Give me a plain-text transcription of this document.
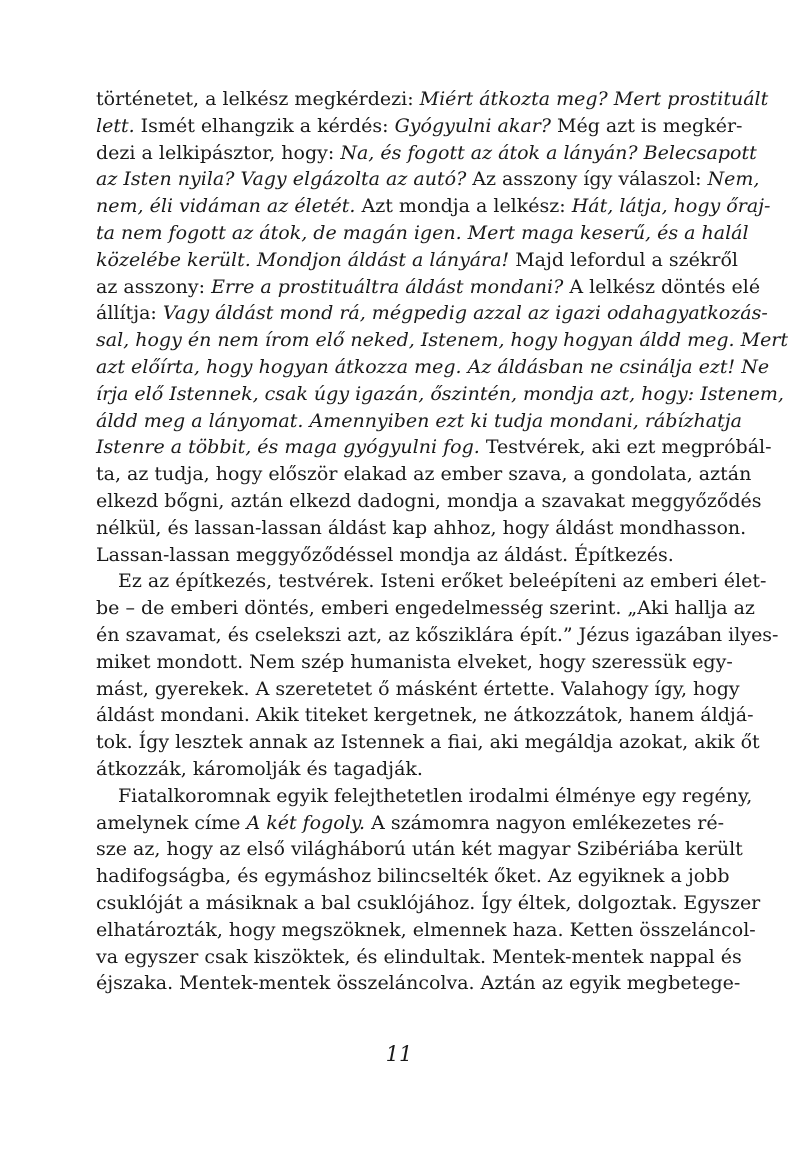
történetet, a lelkész megkérdezi: Miért átkozta meg? Mert prostituált
lett. Ismét elhangzik a kérdés: Gyógyulni akar? Még azt is megkér-
dezi a lelkipásztor, hogy: Na, és fogott az átok a lányán? Belecsapott
az Isten nyila? Vagy elgázolta az autó? Az asszony így válaszol: Nem,
nem, éli vidáman az életét. Azt mondja a lelkész: Hát, látja, hogy őraj-
ta nem fogott az átok, de magán igen. Mert maga keserű, és a halál
közelébe került. Mondjon áldást a lányára! Majd lefordul a székről
az asszony: Erre a prostituáltra áldást mondani? A lelkész döntés elé
állítja: Vagy áldást mond rá, mégpedig azzal az igazi odahagyatkozás-
sal, hogy én nem írom elő neked, Istenem, hogy hogyan áldd meg. Mert
azt előírta, hogy hogyan átkozza meg. Az áldásban ne csinálja ezt! Ne
írja elő Istennek, csak úgy igazán, őszintén, mondja azt, hogy: Istenem,
áldd meg a lányomat. Amennyiben ezt ki tudja mondani, rábízhatja
Istenre a többit, és maga gyógyulni fog. Testvérek, aki ezt megpróbál-
ta, az tudja, hogy először elakad az ember szava, a gondolata, aztán
elkezd bőgni, aztán elkezd dadogni, mondja a szavakat meggyőződés
nélkül, és lassan-lassan áldást kap ahhoz, hogy áldást mondhasson.
Lassan-lassan meggyőződéssel mondja az áldást. Építkezés.
Ez az építkezés, testvérek. Isteni erőket beleépíteni az emberi élet-
be – de emberi döntés, emberi engedelmesség szerint. „Aki hallja az
én szavamat, és cselekszi azt, az kősziklára épít.” Jézus igazában ilyes-
miket mondott. Nem szép humanista elveket, hogy szeressük egy-
mást, gyerekek. A szeretetet ő másként értette. Valahogy így, hogy
áldást mondani. Akik titeket kergetnek, ne átkozzátok, hanem áldjá-
tok. Így lesztek annak az Istennek a fiai, aki megáldja azokat, akik őt
átkozzák, káromolják és tagadják.
Fiatalkoromnak egyik felejthetetlen irodalmi élménye egy regény,
amelynek címe A két fogoly. A számomra nagyon emlékezetes ré-
sze az, hogy az első világháború után két magyar Szibériába került
hadifogságba, és egymáshoz bilincselték őket. Az egyiknek a jobb
csuklóját a másiknak a bal csuklójához. Így éltek, dolgoztak. Egyszer
elhatározták, hogy megszöknek, elmennek haza. Ketten összeláncol-
va egyszer csak kiszöktek, és elindultak. Mentek-mentek nappal és
éjszaka. Mentek-mentek összeláncolva. Aztán az egyik megbetege-
11
